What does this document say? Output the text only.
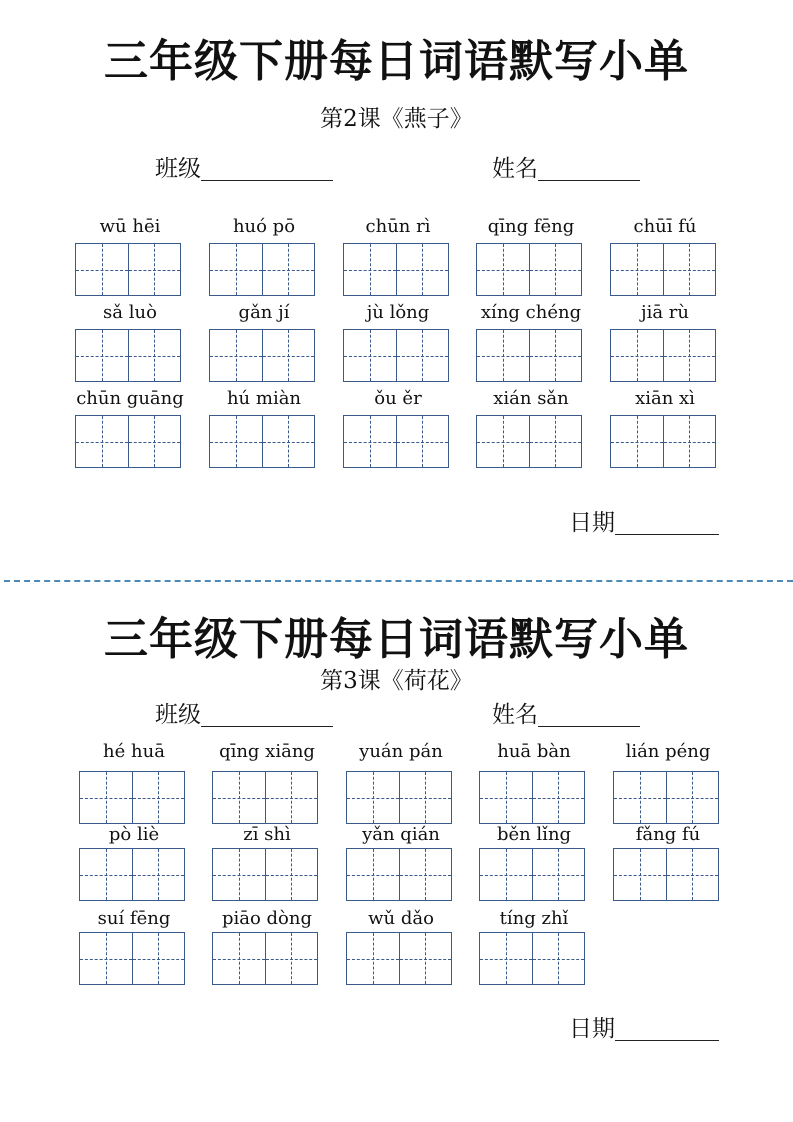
三年级下册每日词语默写小单
第2课《燕子》
班级	姓名
wū hēi	huó pō	chūn rì	qīng fēng	chūī fú
sǎ luò	gǎn jí	jù lǒng	xíng chéng	jiā rù
chūn guāng	hú miàn	ǒu ěr	xián sǎn	xiān xì
日期
三年级下册每日词语默写小单
第3课《荷花》
班级	姓名
hé huā	qīng xiāng	yuán pán	huā bàn	lián péng
pò liè	zī shì	yǎn qián	běn lǐng	fǎng fú
suí fēng	piāo dòng	wǔ dǎo	tíng zhǐ
日期
